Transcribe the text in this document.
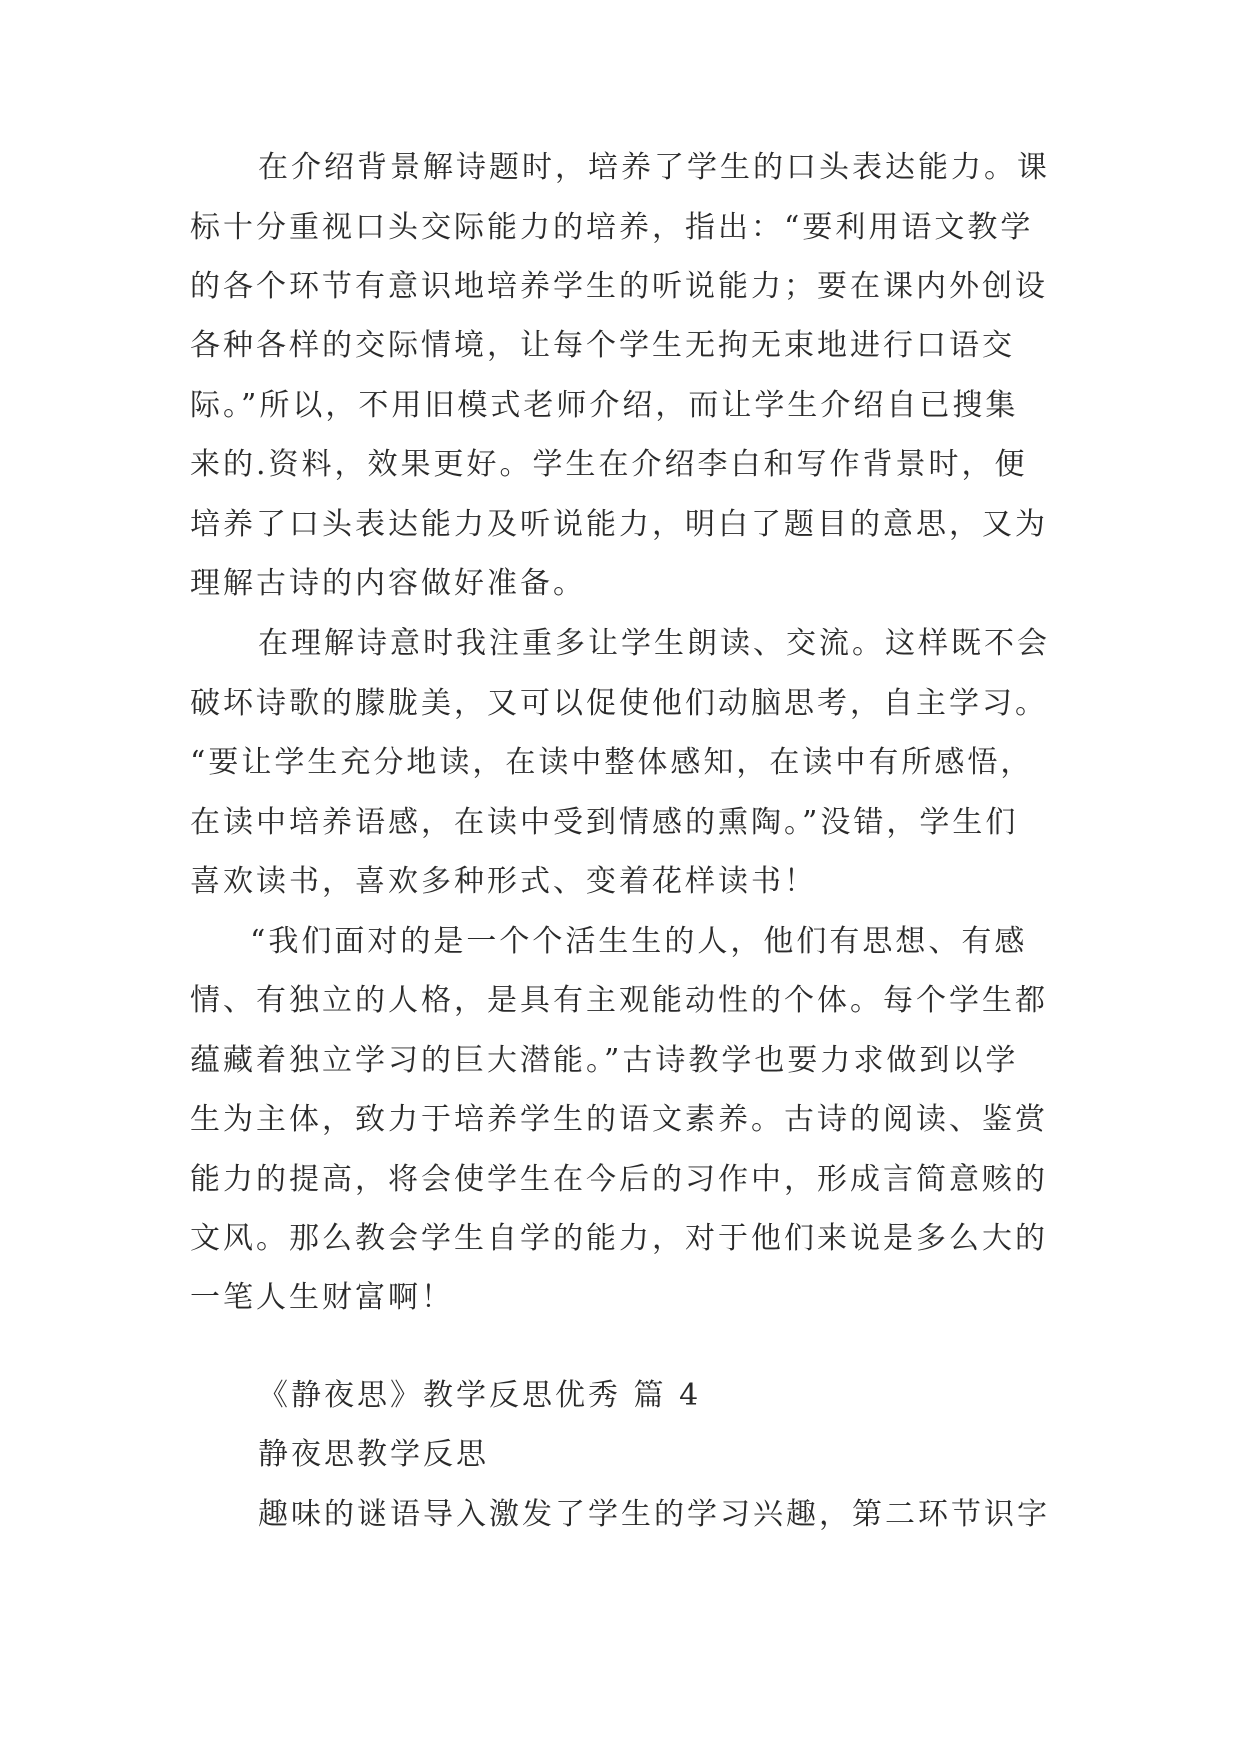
在介绍背景解诗题时，培养了学生的口头表达能力。课
标十分重视口头交际能力的培养，指出：“要利用语文教学
的各个环节有意识地培养学生的听说能力；要在课内外创设
各种各样的交际情境，让每个学生无拘无束地进行口语交
际。”所以，不用旧模式老师介绍，而让学生介绍自已搜集
来的.资料，效果更好。学生在介绍李白和写作背景时，便
培养了口头表达能力及听说能力，明白了题目的意思，又为
理解古诗的内容做好准备。
在理解诗意时我注重多让学生朗读、交流。这样既不会
破坏诗歌的朦胧美，又可以促使他们动脑思考，自主学习。
“要让学生充分地读，在读中整体感知，在读中有所感悟，
在读中培养语感，在读中受到情感的熏陶。”没错，学生们
喜欢读书，喜欢多种形式、变着花样读书！
“我们面对的是一个个活生生的人，他们有思想、有感
情、有独立的人格，是具有主观能动性的个体。每个学生都
蕴藏着独立学习的巨大潜能。”古诗教学也要力求做到以学
生为主体，致力于培养学生的语文素养。古诗的阅读、鉴赏
能力的提高，将会使学生在今后的习作中，形成言简意赅的
文风。那么教会学生自学的能力，对于他们来说是多么大的
一笔人生财富啊！
《静夜思》教学反思优秀 篇 4
静夜思教学反思
趣味的谜语导入激发了学生的学习兴趣，第二环节识字
